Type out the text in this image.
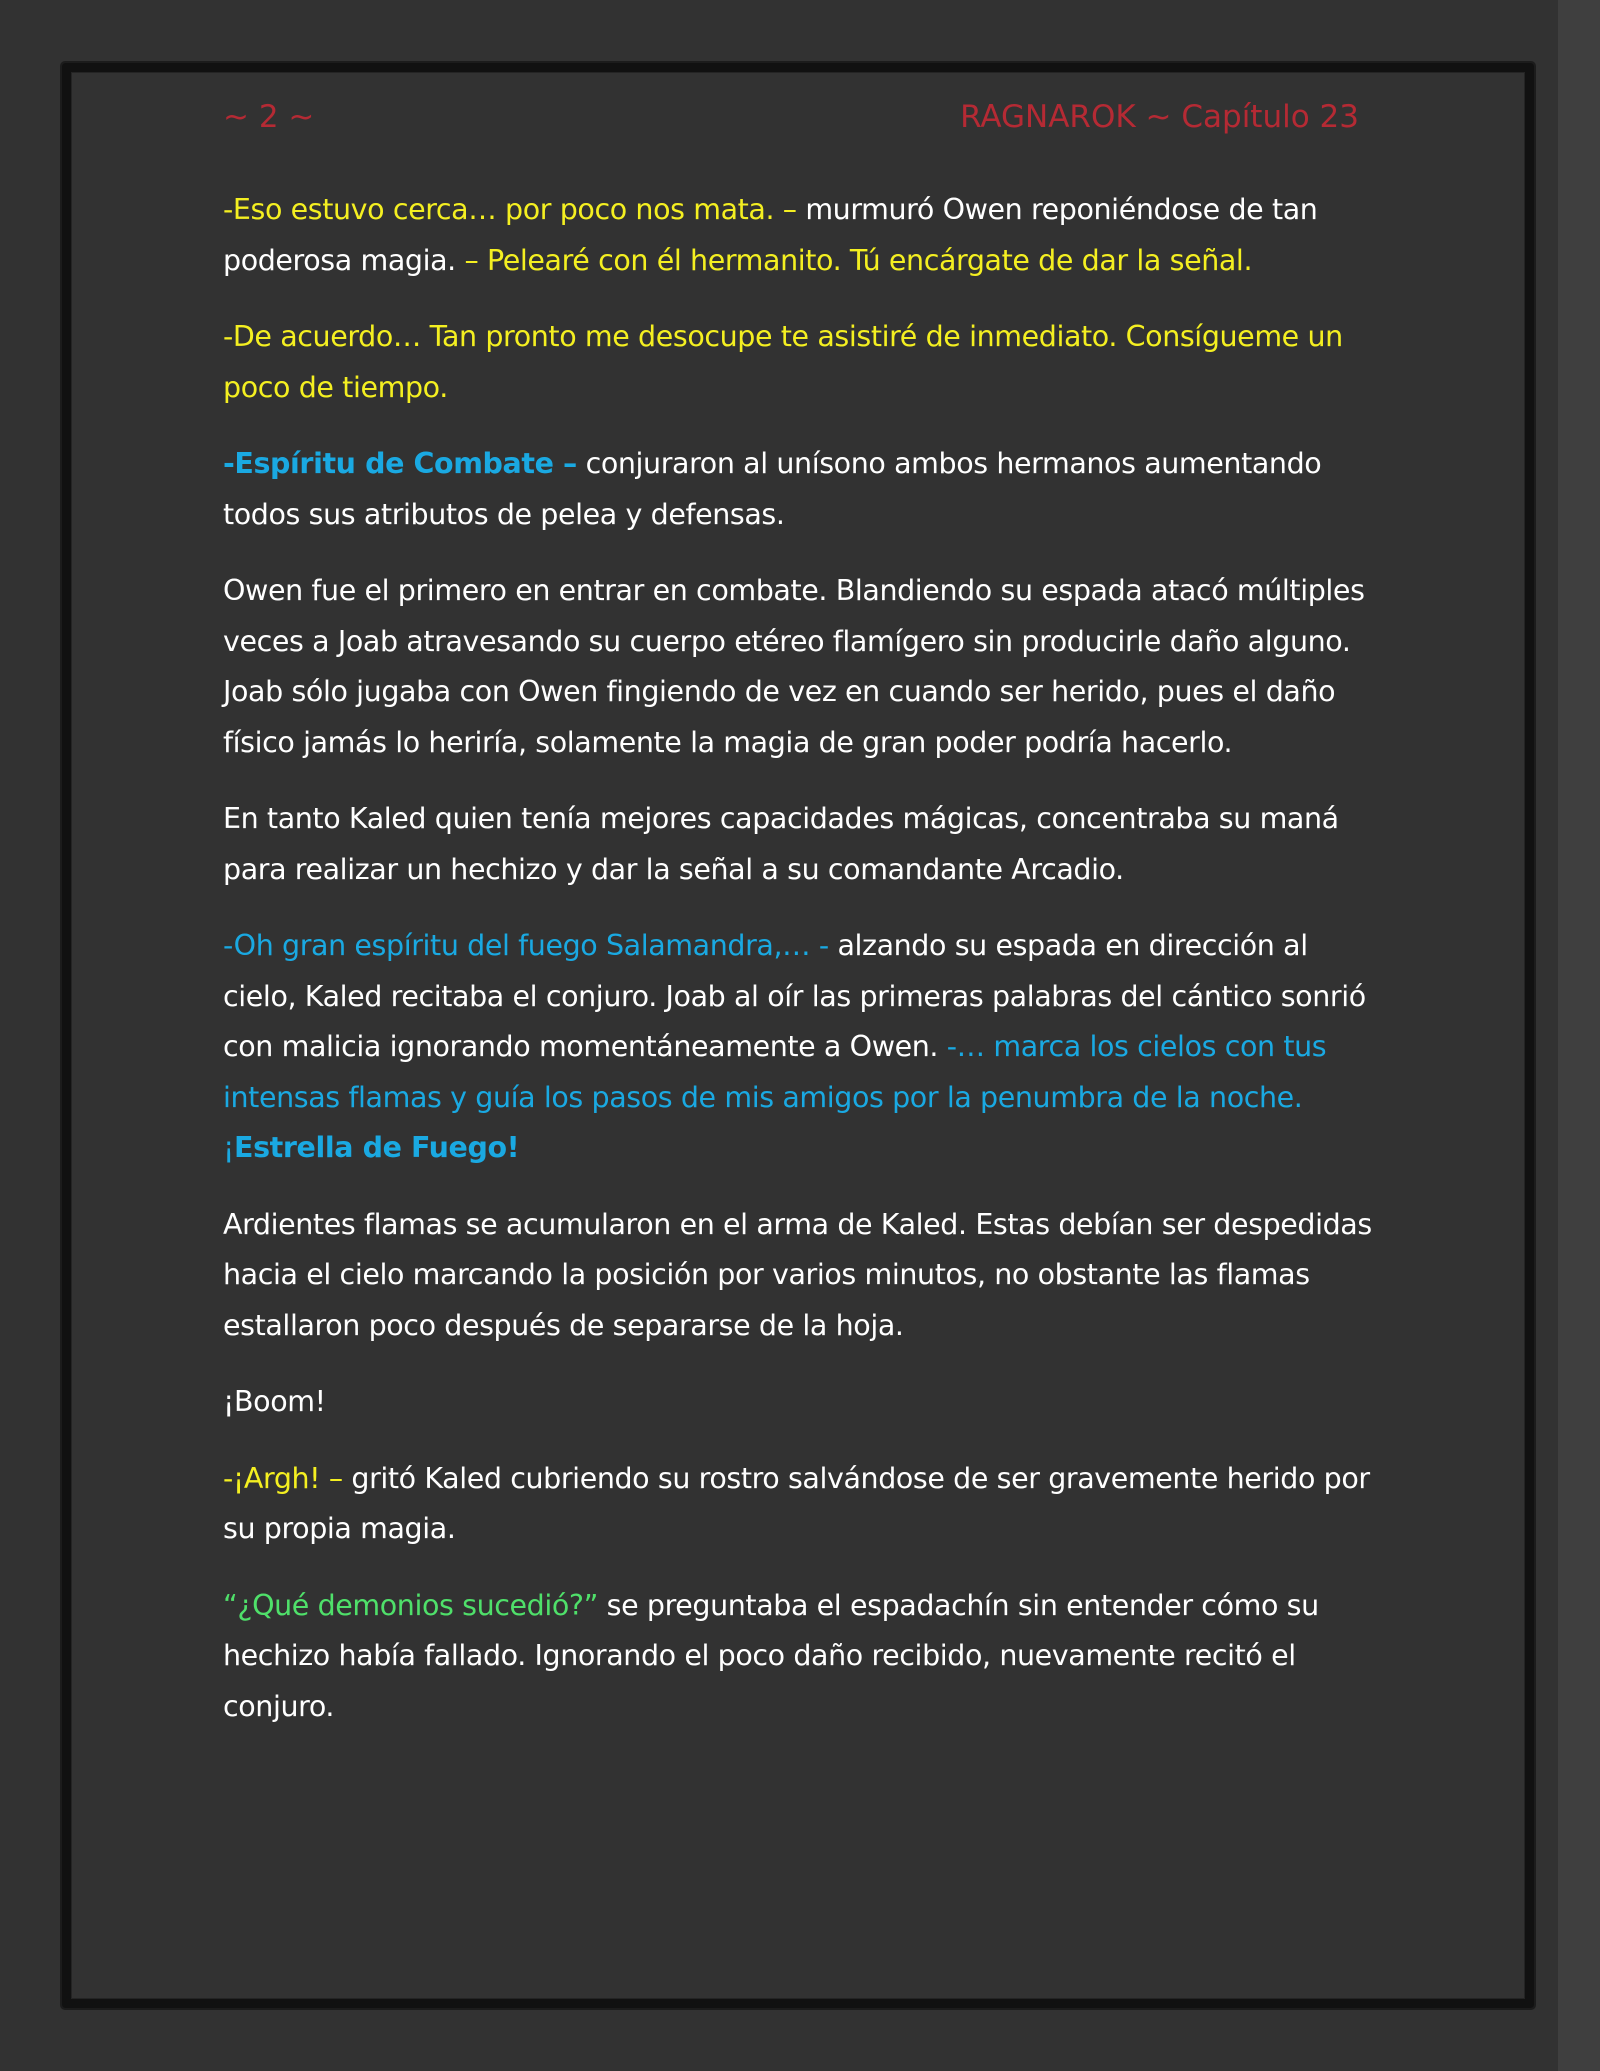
~ 2 ~	RAGNAROK ~ Capítulo 23

-Eso estuvo cerca… por poco nos mata. – murmuró Owen reponiéndose de tan poderosa magia. – Pelearé con él hermanito. Tú encárgate de dar la señal.

-De acuerdo… Tan pronto me desocupe te asistiré de inmediato. Consígueme un poco de tiempo.

-Espíritu de Combate – conjuraron al unísono ambos hermanos aumentando todos sus atributos de pelea y defensas.

Owen fue el primero en entrar en combate. Blandiendo su espada atacó múltiples veces a Joab atravesando su cuerpo etéreo flamígero sin producirle daño alguno. Joab sólo jugaba con Owen fingiendo de vez en cuando ser herido, pues el daño físico jamás lo heriría, solamente la magia de gran poder podría hacerlo.

En tanto Kaled quien tenía mejores capacidades mágicas, concentraba su maná para realizar un hechizo y dar la señal a su comandante Arcadio.

-Oh gran espíritu del fuego Salamandra,… - alzando su espada en dirección al cielo, Kaled recitaba el conjuro. Joab al oír las primeras palabras del cántico sonrió con malicia ignorando momentáneamente a Owen. -… marca los cielos con tus intensas flamas y guía los pasos de mis amigos por la penumbra de la noche. ¡Estrella de Fuego!

Ardientes flamas se acumularon en el arma de Kaled. Estas debían ser despedidas hacia el cielo marcando la posición por varios minutos, no obstante las flamas estallaron poco después de separarse de la hoja.

¡Boom!

-¡Argh! – gritó Kaled cubriendo su rostro salvándose de ser gravemente herido por su propia magia.

“¿Qué demonios sucedió?” se preguntaba el espadachín sin entender cómo su hechizo había fallado. Ignorando el poco daño recibido, nuevamente recitó el conjuro.
